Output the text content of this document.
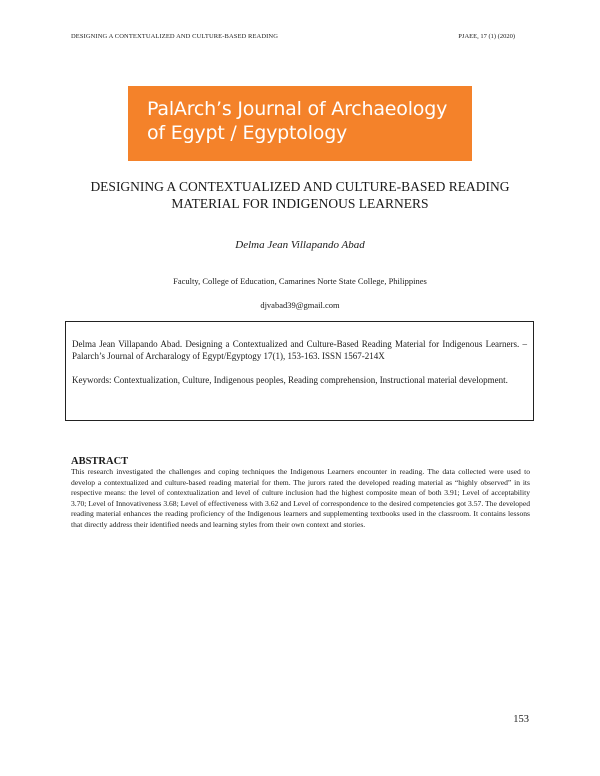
DESIGNING A CONTEXTUALIZED AND CULTURE-BASED READING	PJAEE, 17 (1) (2020)
PalArch’s Journal of Archaeology
of Egypt / Egyptology
DESIGNING A CONTEXTUALIZED AND CULTURE-BASED READING
MATERIAL FOR INDIGENOUS LEARNERS
Delma Jean Villapando Abad
Faculty, College of Education, Camarines Norte State College, Philippines
djvabad39@gmail.com

Delma Jean Villapando Abad. Designing a Contextualized and Culture-Based Reading Material for Indigenous Learners. – Palarch’s Journal of Archaralogy of Egypt/Egyptogy 17(1), 153-163. ISSN 1567-214X

Keywords: Contextualization, Culture, Indigenous peoples, Reading comprehension, Instructional material development.

ABSTRACT

This research investigated the challenges and coping techniques the Indigenous Learners encounter in reading. The data collected were used to develop a contextualized and culture-based reading material for them. The jurors rated the developed reading material as “highly observed” in its respective means: the level of contextualization and level of culture inclusion had the highest composite mean of both 3.91; Level of acceptability 3.70; Level of Innovativeness 3.68; Level of effectiveness with 3.62 and Level of correspondence to the desired competencies got 3.57. The developed reading material enhances the reading proficiency of the Indigenous learners and supplementing textbooks used in the classroom. It contains lessons that directly address their identified needs and learning styles from their own context and stories.

153
